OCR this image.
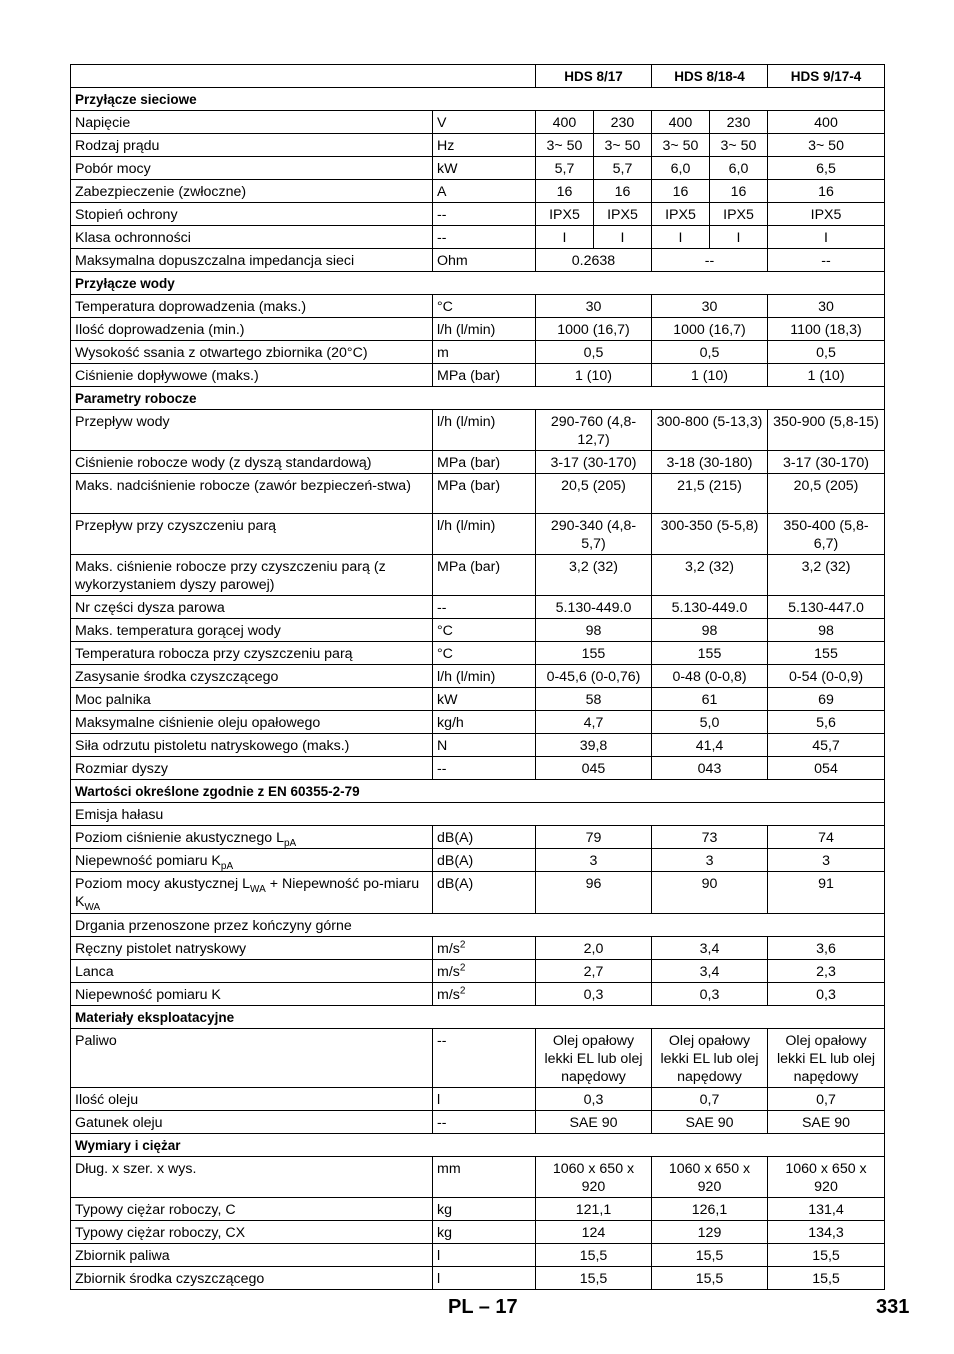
		HDS 8/17		HDS 8/18-4		HDS 9/17-4
Przyłącze sieciowe						
Napięcie	V	400	230	400	230	400
Rodzaj prądu	Hz	3~ 50	3~ 50	3~ 50	3~ 50	3~ 50
Pobór mocy	kW	5,7	5,7	6,0	6,0	6,5
Zabezpieczenie (zwłoczne)	A	16	16	16	16	16
Stopień ochrony	--	IPX5	IPX5	IPX5	IPX5	IPX5
Klasa ochronności	--	I	I	I	I	I
Maksymalna dopuszczalna impedancja sieci	Ohm	0.2638		--		--
Przyłącze wody						
Temperatura doprowadzenia (maks.)	°C	30		30		30
Ilość doprowadzenia (min.)	l/h (l/min)	1000 (16,7)		1000 (16,7)		1100 (18,3)
Wysokość ssania z otwartego zbiornika (20°C)	m	0,5		0,5		0,5
Ciśnienie dopływowe (maks.)	MPa (bar)	1 (10)		1 (10)		1 (10)
Parametry robocze						
Przepływ wody	l/h (l/min)	290-760 (4,8-12,7)		300-800 (5-13,3)		350-900 (5,8-15)
Ciśnienie robocze wody (z dyszą standardową)	MPa (bar)	3-17 (30-170)		3-18 (30-180)		3-17 (30-170)
Maks. nadciśnienie robocze (zawór bezpieczeń-stwa)	MPa (bar)	20,5 (205)		21,5 (215)		20,5 (205)
Przepływ przy czyszczeniu parą	l/h (l/min)	290-340 (4,8-5,7)		300-350 (5-5,8)		350-400 (5,8-6,7)
Maks. ciśnienie robocze przy czyszczeniu parą (z wykorzystaniem dyszy parowej)	MPa (bar)	3,2 (32)		3,2 (32)		3,2 (32)
Nr części dysza parowa	--	5.130-449.0		5.130-449.0		5.130-447.0
Maks. temperatura gorącej wody	°C	98		98		98
Temperatura robocza przy czyszczeniu parą	°C	155		155		155
Zasysanie środka czyszczącego	l/h (l/min)	0-45,6 (0-0,76)		0-48 (0-0,8)		0-54 (0-0,9)
Moc palnika	kW	58		61		69
Maksymalne ciśnienie oleju opałowego	kg/h	4,7		5,0		5,6
Siła odrzutu pistoletu natryskowego (maks.)	N	39,8		41,4		45,7
Rozmiar dyszy	--	045		043		054
Wartości określone zgodnie z EN 60355-2-79						
Emisja hałasu						
Poziom ciśnienie akustycznego $L_{pA}$	dB(A)	79		73		74
Niepewność pomiaru $K_{pA}$	dB(A)	3		3		3
Poziom mocy akustycznej $L_{WA}$ + Niepewność po-miaru $K_{WA}$	dB(A)	96		90		91
Drgania przenoszone przez kończyny górne						
Ręczny pistolet natryskowy	$m/s^2$	2,0		3,4		3,6
Lanca	$m/s^2$	2,7		3,4		2,3
Niepewność pomiaru K	$m/s^2$	0,3		0,3		0,3
Materiały eksploatacyjne						
Paliwo	--	Olej opałowy lekki EL lub olej napędowy		Olej opałowy lekki EL lub olej napędowy		Olej opałowy lekki EL lub olej napędowy
Ilość oleju	l	0,3		0,7		0,7
Gatunek oleju	--	SAE 90		SAE 90		SAE 90
Wymiary i ciężar						
Dług. x szer. x wys.	mm	1060 x 650 x 920		1060 x 650 x 920		1060 x 650 x 920
Typowy ciężar roboczy, C	kg	121,1		126,1		131,4
Typowy ciężar roboczy, CX	kg	124		129		134,3
Zbiornik paliwa	l	15,5		15,5		15,5
Zbiornik środka czyszczącego	l	15,5		15,5		15,5
PL – 17	331
